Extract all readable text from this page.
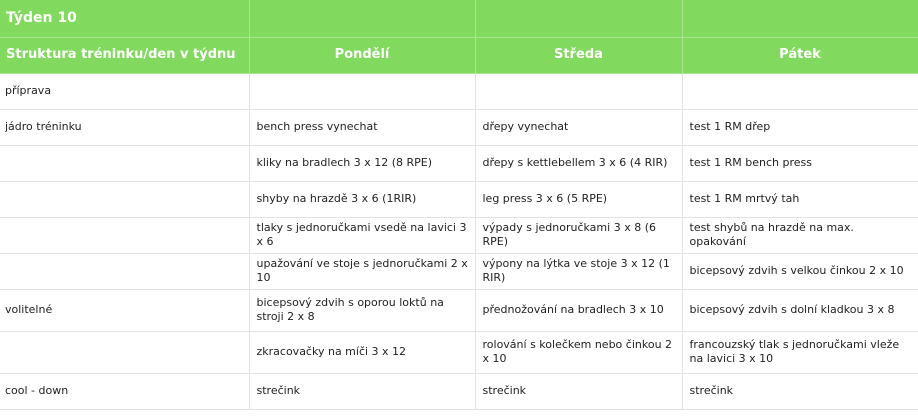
Týden 10			
Struktura tréninku/den v týdnu	Pondělí	Středa	Pátek
příprava			
jádro tréninku	bench press vynechat	dřepy vynechat	test 1 RM dřep
	kliky na bradlech 3 x 12 (8 RPE)	dřepy s kettlebellem 3 x 6 (4 RIR)	test 1 RM bench press
	shyby na hrazdě 3 x 6 (1RIR)	leg press 3 x 6 (5 RPE)	test 1 RM mrtvý tah
	tlaky s jednoručkami vsedě na lavici 3 x 6	výpady s jednoručkami 3 x 8 (6 RPE)	test shybů na hrazdě na max. opakování
	upažování ve stoje s jednoručkami 2 x 10	výpony na lýtka ve stoje 3 x 12 (1 RIR)	bicepsový zdvih s velkou činkou 2 x 10
volitelné	bicepsový zdvih s oporou loktů na stroji 2 x 8	přednožování na bradlech 3 x 10	bicepsový zdvih s dolní kladkou 3 x 8
	zkracovačky na míči 3 x 12	rolování s kolečkem nebo činkou 2 x 10	francouzský tlak s jednoručkami vleže na lavici 3 x 10
cool - down	strečink	strečink	strečink
